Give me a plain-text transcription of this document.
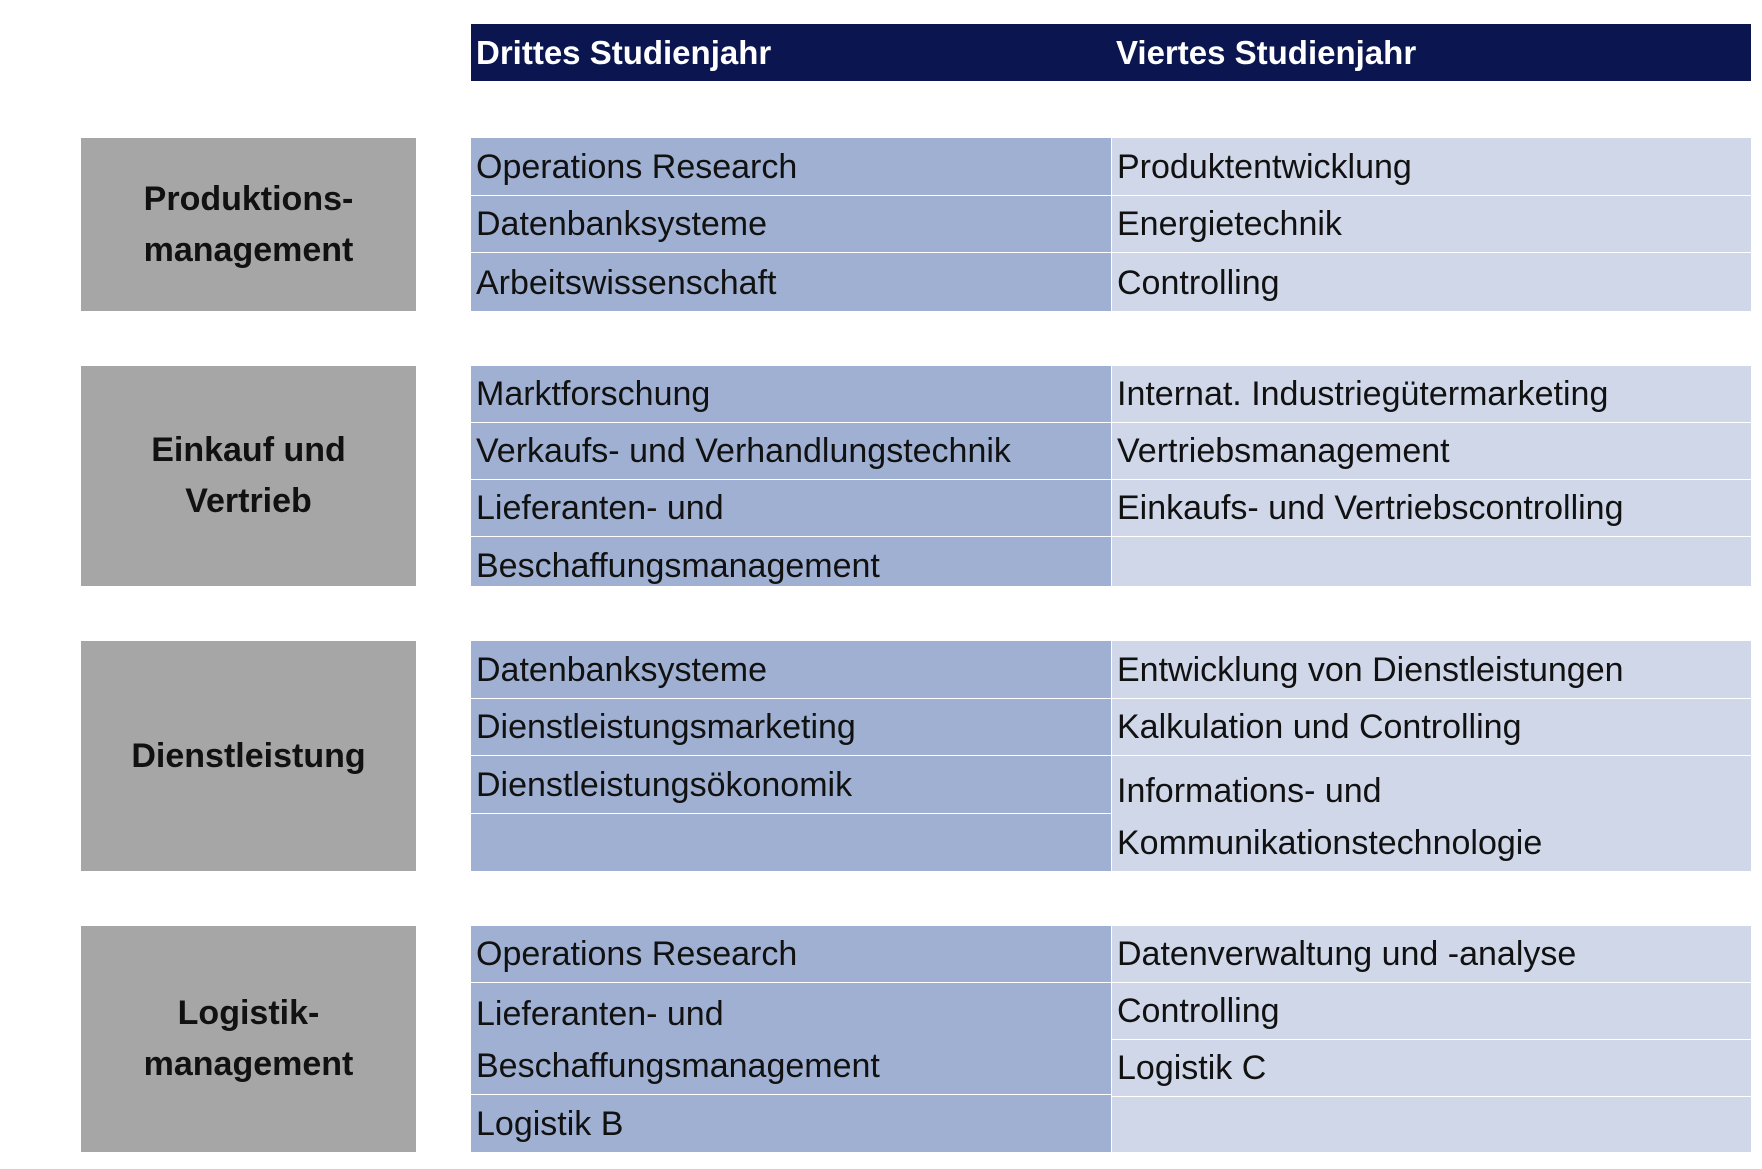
Drittes Studienjahr	Viertes Studienjahr
Produktions-
management
Operations Research
Datenbanksysteme
Arbeitswissenschaft
Produktentwicklung
Energietechnik
Controlling
Einkauf und
Vertrieb
Marktforschung
Verkaufs- und Verhandlungstechnik
Lieferanten- und
Beschaffungsmanagement
Internat. Industriegütermarketing
Vertriebsmanagement
Einkaufs- und Vertriebscontrolling
Dienstleistung
Datenbanksysteme
Dienstleistungsmarketing
Dienstleistungsökonomik
Entwicklung von Dienstleistungen
Kalkulation und Controlling
Informations- und
Kommunikationstechnologie
Logistik-
management
Operations Research
Lieferanten- und
Beschaffungsmanagement
Logistik B
Datenverwaltung und -analyse
Controlling
Logistik C
